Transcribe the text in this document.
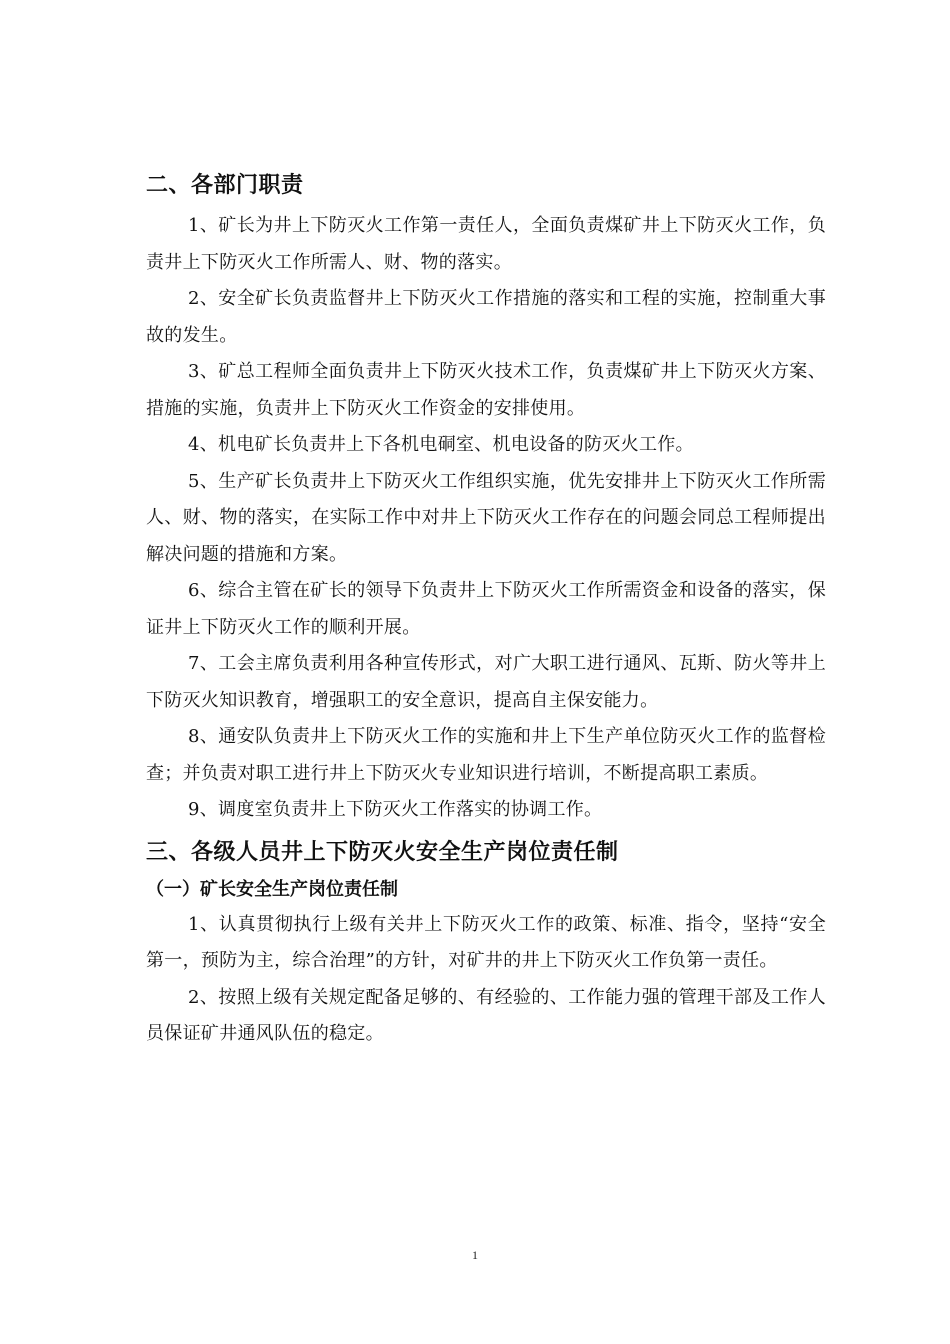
二、各部门职责

1、矿长为井上下防灭火工作第一责任人，全面负责煤矿井上下防灭火工作，负责井上下防灭火工作所需人、财、物的落实。

2、安全矿长负责监督井上下防灭火工作措施的落实和工程的实施，控制重大事故的发生。

3、矿总工程师全面负责井上下防灭火技术工作，负责煤矿井上下防灭火方案、措施的实施，负责井上下防灭火工作资金的安排使用。

4、机电矿长负责井上下各机电硐室、机电设备的防灭火工作。

5、生产矿长负责井上下防灭火工作组织实施，优先安排井上下防灭火工作所需人、财、物的落实，在实际工作中对井上下防灭火工作存在的问题会同总工程师提出解决问题的措施和方案。

6、综合主管在矿长的领导下负责井上下防灭火工作所需资金和设备的落实，保证井上下防灭火工作的顺利开展。

7、工会主席负责利用各种宣传形式，对广大职工进行通风、瓦斯、防火等井上下防灭火知识教育，增强职工的安全意识，提高自主保安能力。

8、通安队负责井上下防灭火工作的实施和井上下生产单位防灭火工作的监督检查；并负责对职工进行井上下防灭火专业知识进行培训，不断提高职工素质。

9、调度室负责井上下防灭火工作落实的协调工作。

三、各级人员井上下防灭火安全生产岗位责任制
（一）矿长安全生产岗位责任制

1、认真贯彻执行上级有关井上下防灭火工作的政策、标准、指令，坚持“安全第一，预防为主，综合治理”的方针，对矿井的井上下防灭火工作负第一责任。

2、按照上级有关规定配备足够的、有经验的、工作能力强的管理干部及工作人员保证矿井通风队伍的稳定。

1
